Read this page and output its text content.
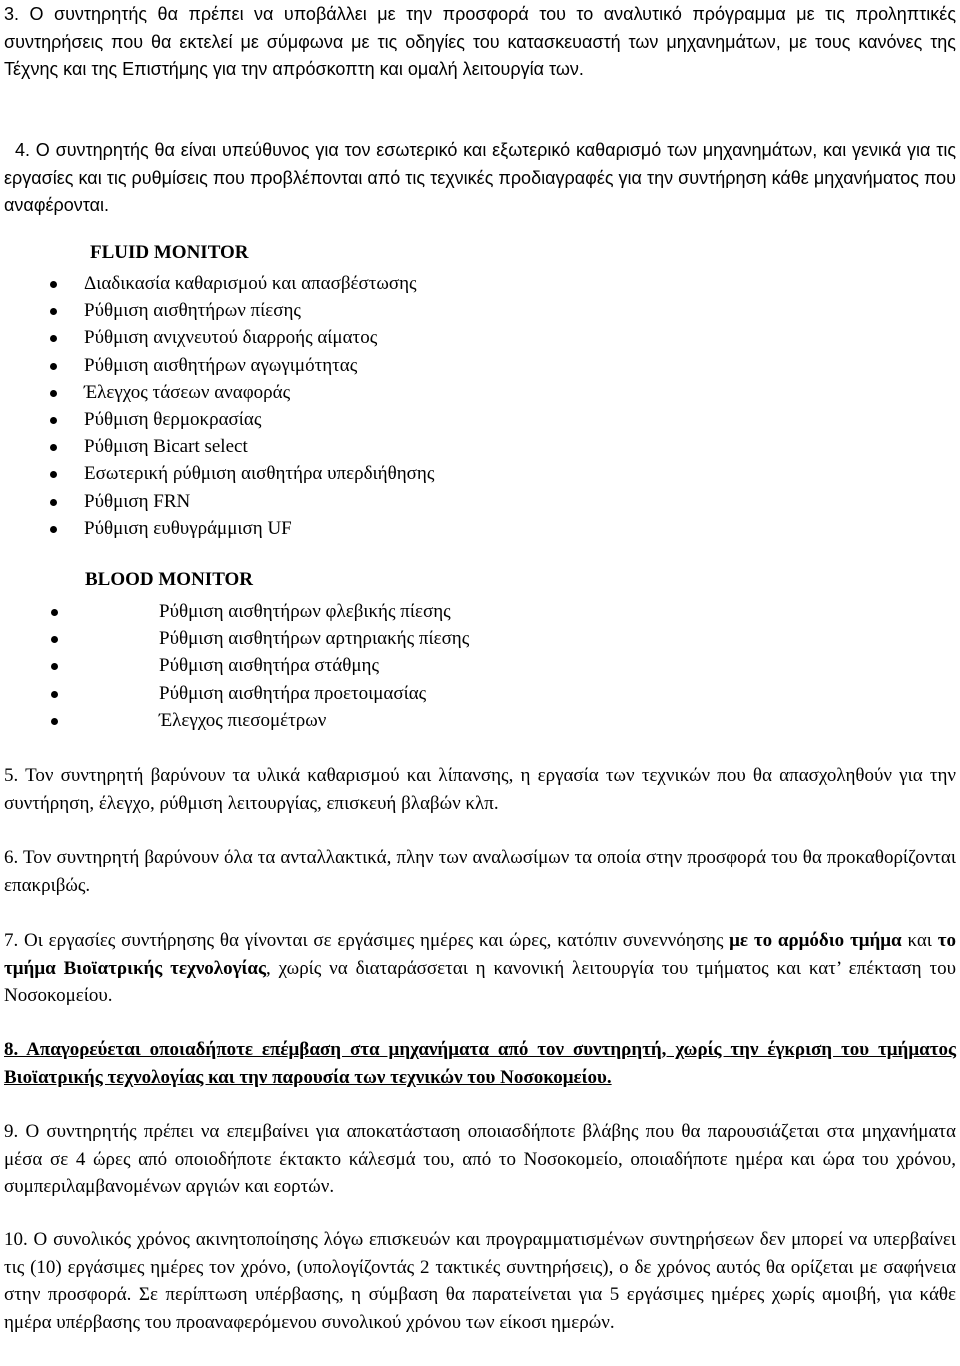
3. Ο συντηρητής θα πρέπει να υποβάλλει με την προσφορά του το αναλυτικό πρόγραμμα με τις προληπτικές συντηρήσεις που θα εκτελεί με σύμφωνα με τις οδηγίες του κατασκευαστή των μηχανημάτων, με τους κανόνες της Τέχνης και της Επιστήμης για την απρόσκοπτη και ομαλή λειτουργία των.

4. Ο συντηρητής θα είναι υπεύθυνος για τον εσωτερικό και εξωτερικό καθαρισμό των μηχανημάτων, και γενικά για τις εργασίες και τις ρυθμίσεις που προβλέπονται από τις τεχνικές προδιαγραφές για την συντήρηση κάθε μηχανήματος που αναφέρονται.

FLUID MONITOR

Διαδικασία καθαρισμού και απασβέστωσης
Ρύθμιση αισθητήρων πίεσης
Ρύθμιση ανιχνευτού διαρροής αίματος
Ρύθμιση αισθητήρων αγωγιμότητας
Έλεγχος τάσεων αναφοράς
Ρύθμιση θερμοκρασίας
Ρύθμιση Bicart select
Εσωτερική ρύθμιση αισθητήρα υπερδιήθησης
Ρύθμιση FRN
Ρύθμιση ευθυγράμμιση UF

BLOOD MONITOR

Ρύθμιση αισθητήρων φλεβικής πίεσης
Ρύθμιση αισθητήρων αρτηριακής πίεσης
Ρύθμιση αισθητήρα στάθμης
Ρύθμιση αισθητήρα προετοιμασίας
Έλεγχος πιεσομέτρων

5. Τον συντηρητή βαρύνουν τα υλικά καθαρισμού και λίπανσης, η εργασία των τεχνικών που θα απασχοληθούν για την συντήρηση, έλεγχο, ρύθμιση λειτουργίας, επισκευή βλαβών κλπ.

6. Τον συντηρητή βαρύνουν όλα τα ανταλλακτικά, πλην των αναλωσίμων τα οποία στην προσφορά του θα προκαθορίζονται επακριβώς.

7. Οι εργασίες συντήρησης θα γίνονται σε εργάσιμες ημέρες και ώρες, κατόπιν συνεννόησης με το αρμόδιο τμήμα και το τμήμα Βιοϊατρικής τεχνολογίας, χωρίς να διαταράσσεται η κανονική λειτουργία του τμήματος και κατ’ επέκταση του Νοσοκομείου.

8. Απαγορεύεται οποιαδήποτε επέμβαση στα μηχανήματα από τον συντηρητή, χωρίς την έγκριση του τμήματος Βιοϊατρικής τεχνολογίας και την παρουσία των τεχνικών του Νοσοκομείου.

9. Ο συντηρητής πρέπει να επεμβαίνει για αποκατάσταση οποιασδήποτε βλάβης που θα παρουσιάζεται στα μηχανήματα μέσα σε 4 ώρες από οποιοδήποτε έκτακτο κάλεσμά του, από το Νοσοκομείο, οποιαδήποτε ημέρα και ώρα του χρόνου, συμπεριλαμβανομένων αργιών και εορτών.

10. Ο συνολικός χρόνος ακινητοποίησης λόγω επισκευών και προγραμματισμένων συντηρήσεων δεν μπορεί να υπερβαίνει τις (10) εργάσιμες ημέρες τον χρόνο, (υπολογίζοντάς 2 τακτικές συντηρήσεις), ο δε χρόνος αυτός θα ορίζεται με σαφήνεια στην προσφορά. Σε περίπτωση υπέρβασης, η σύμβαση θα παρατείνεται για 5 εργάσιμες ημέρες χωρίς αμοιβή, για κάθε ημέρα υπέρβασης του προαναφερόμενου συνολικού χρόνου των είκοσι ημερών.
